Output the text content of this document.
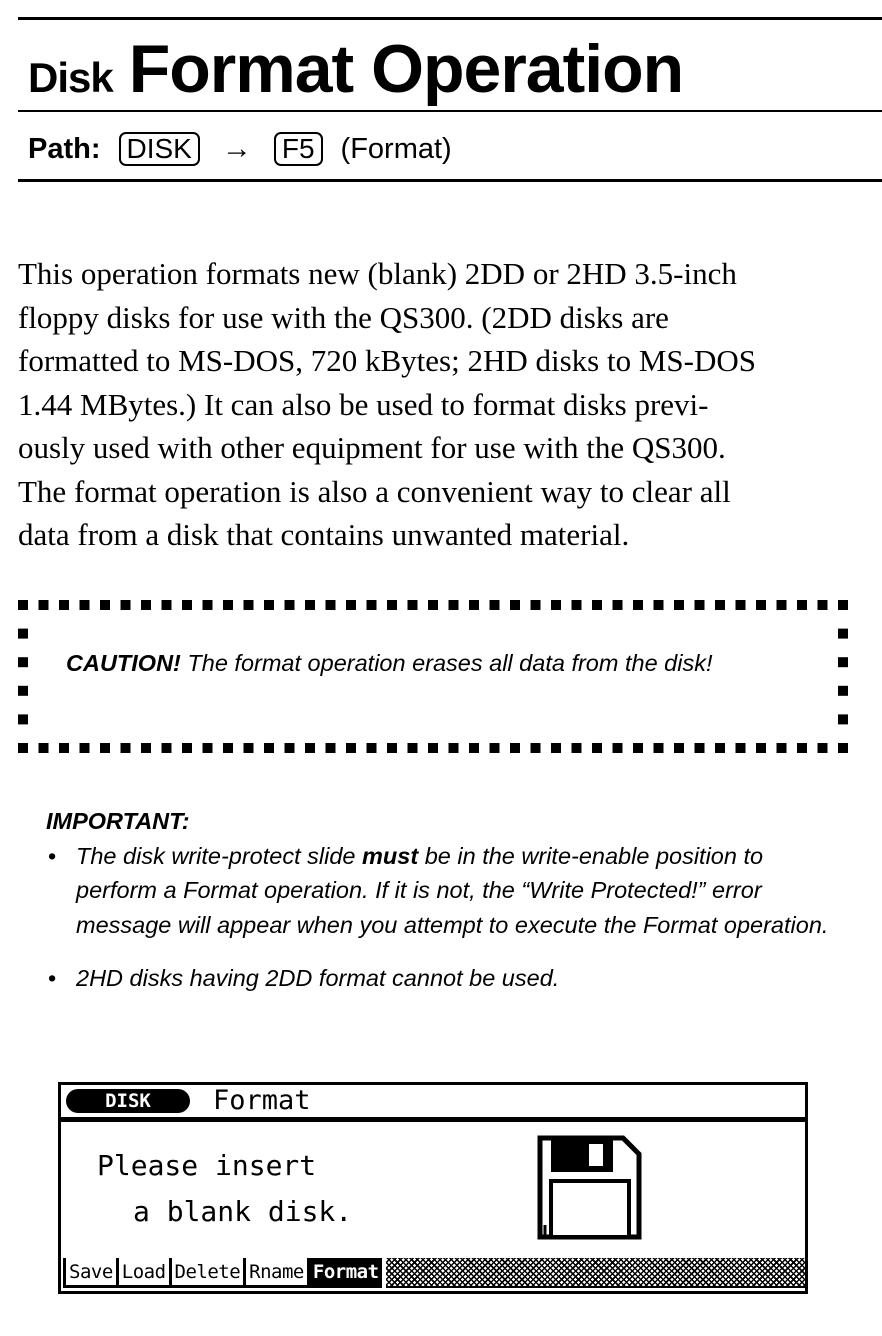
Disk Format Operation
Path: DISK → F5 (Format)
This operation formats new (blank) 2DD or 2HD 3.5-inch
floppy disks for use with the QS300. (2DD disks are
formatted to MS-DOS, 720 kBytes; 2HD disks to MS-DOS
1.44 MBytes.) It can also be used to format disks previ-
ously used with other equipment for use with the QS300.
The format operation is also a convenient way to clear all
data from a disk that contains unwanted material.
CAUTION! The format operation erases all data from the disk!
IMPORTANT:
• The disk write-protect slide must be in the write-enable position to perform a Format operation. If it is not, the “Write Protected!” error message will appear when you attempt to execute the Format operation.
• 2HD disks having 2DD format cannot be used.
DISK	Format
Please insert
a blank disk.
Save Load Delete Rname Format
